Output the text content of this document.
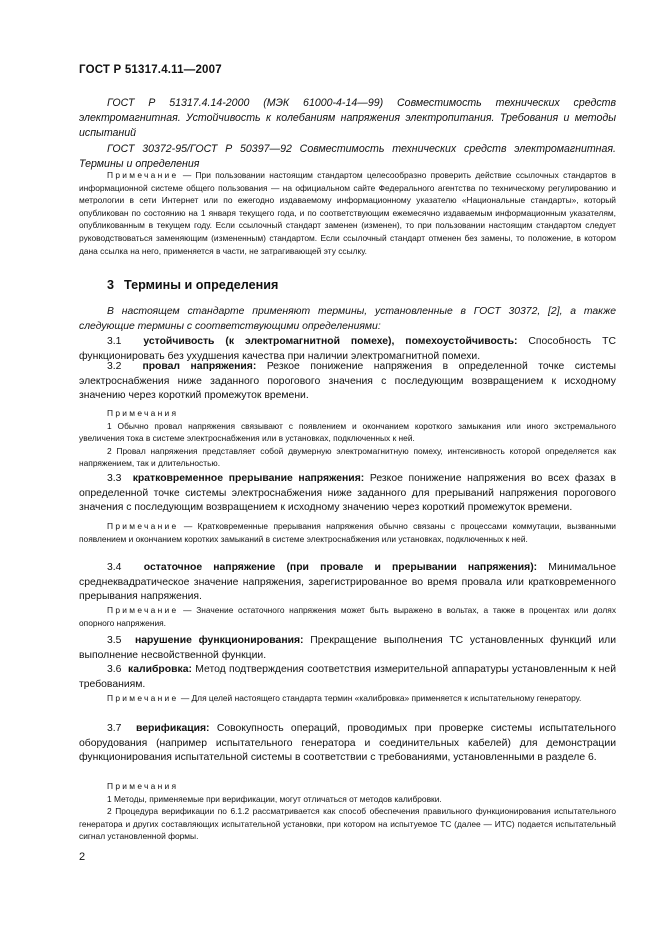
ГОСТ Р 51317.4.11—2007

ГОСТ Р 51317.4.14-2000 (МЭК 61000-4-14—99) Совместимость технических средств электромагнитная. Устойчивость к колебаниям напряжения электропитания. Требования и методы испытаний

ГОСТ 30372-95/ГОСТ Р 50397—92 Совместимость технических средств электромагнитная. Термины и определения

Примечание — При пользовании настоящим стандартом целесообразно проверить действие ссылочных стандартов в информационной системе общего пользования — на официальном сайте Федерального агентства по техническому регулированию и метрологии в сети Интернет или по ежегодно издаваемому информационному указателю «Национальные стандарты», который опубликован по состоянию на 1 января текущего года, и по соответствующим ежемесячно издаваемым информационным указателям, опубликованным в текущем году. Если ссылочный стандарт заменен (изменен), то при пользовании настоящим стандартом следует руководствоваться заменяющим (измененным) стандартом. Если ссылочный стандарт отменен без замены, то положение, в котором дана ссылка на него, применяется в части, не затрагивающей эту ссылку.

3 Термины и определения

В настоящем стандарте применяют термины, установленные в ГОСТ 30372, [2], а также следующие термины с соответствующими определениями:

3.1 устойчивость (к электромагнитной помехе), помехоустойчивость: Способность ТС функционировать без ухудшения качества при наличии электромагнитной помехи.

3.2 провал напряжения: Резкое понижение напряжения в определенной точке системы электроснабжения ниже заданного порогового значения с последующим возвращением к исходному значению через короткий промежуток времени.

Примечания

1 Обычно провал напряжения связывают с появлением и окончанием короткого замыкания или иного экстремального увеличения тока в системе электроснабжения или в установках, подключенных к ней.

2 Провал напряжения представляет собой двумерную электромагнитную помеху, интенсивность которой определяется как напряжением, так и длительностью.

3.3 кратковременное прерывание напряжения: Резкое понижение напряжения во всех фазах в определенной точке системы электроснабжения ниже заданного для прерываний напряжения порогового значения с последующим возвращением к исходному значению через короткий промежуток времени.

Примечание — Кратковременные прерывания напряжения обычно связаны с процессами коммутации, вызванными появлением и окончанием коротких замыканий в системе электроснабжения или установках, подключенных к ней.

3.4 остаточное напряжение (при провале и прерывании напряжения): Минимальное среднеквадратическое значение напряжения, зарегистрированное во время провала или кратковременного прерывания напряжения.

Примечание — Значение остаточного напряжения может быть выражено в вольтах, а также в процентах или долях опорного напряжения.

3.5 нарушение функционирования: Прекращение выполнения ТС установленных функций или выполнение несвойственной функции.

3.6 калибровка: Метод подтверждения соответствия измерительной аппаратуры установленным к ней требованиям.

Примечание — Для целей настоящего стандарта термин «калибровка» применяется к испытательному генератору.

3.7 верификация: Совокупность операций, проводимых при проверке системы испытательного оборудования (например испытательного генератора и соединительных кабелей) для демонстрации функционирования испытательной системы в соответствии с требованиями, установленными в разделе 6.

Примечания

1 Методы, применяемые при верификации, могут отличаться от методов калибровки.

2 Процедура верификации по 6.1.2 рассматривается как способ обеспечения правильного функционирования испытательного генератора и других составляющих испытательной установки, при котором на испытуемое ТС (далее — ИТС) подается испытательный сигнал установленной формы.

2
